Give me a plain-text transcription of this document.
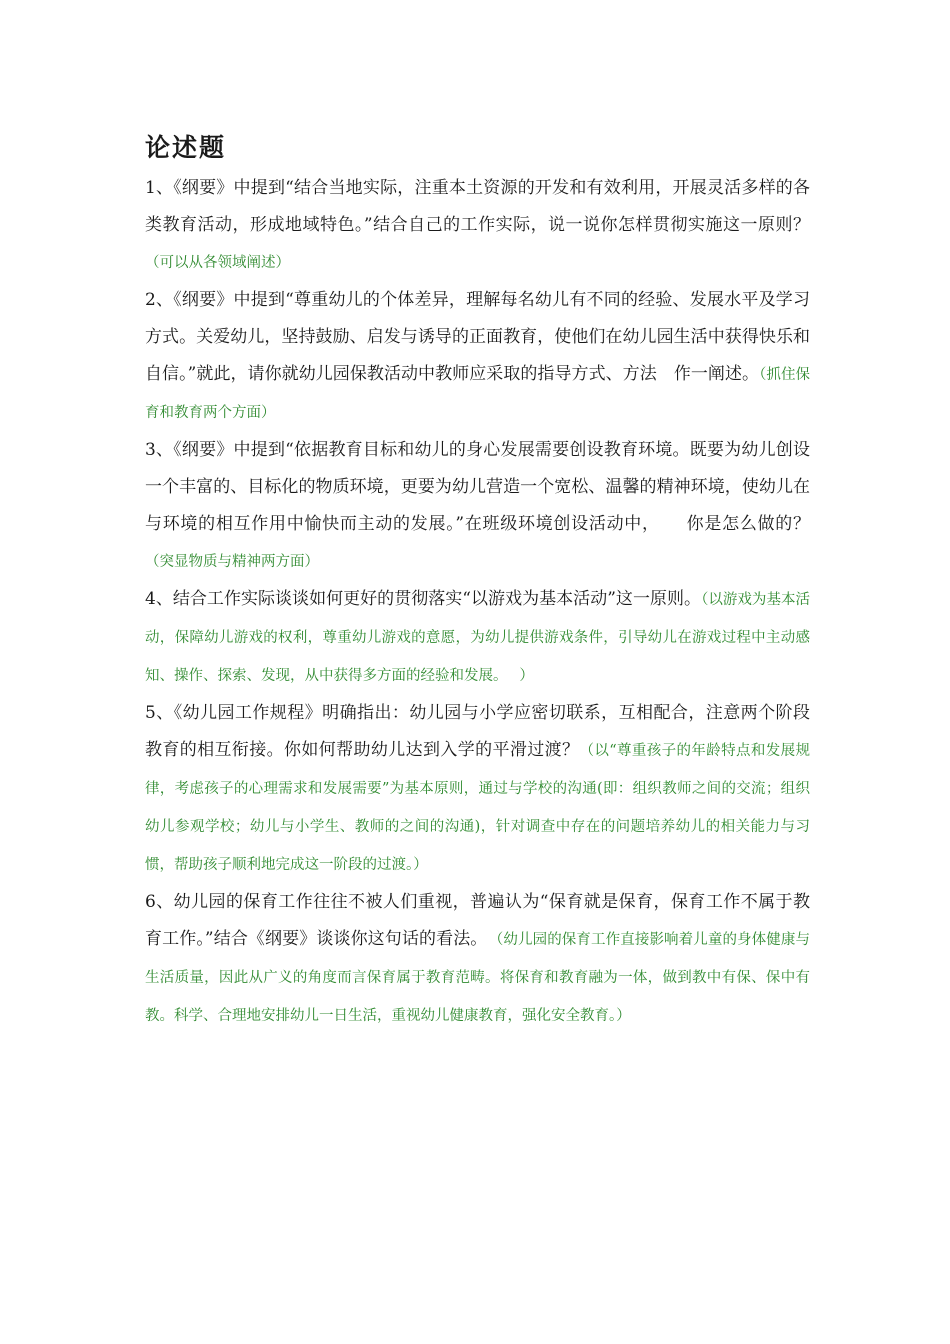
论述题

1、《纲要》中提到“结合当地实际，注重本土资源的开发和有效利用，开展灵活多样的各类教育活动，形成地域特色。”结合自己的工作实际，说一说你怎样贯彻实施这一原则？（可以从各领域阐述）

2、《纲要》中提到“尊重幼儿的个体差异，理解每名幼儿有不同的经验、发展水平及学习方式。关爱幼儿，坚持鼓励、启发与诱导的正面教育，使他们在幼儿园生活中获得快乐和自信。”就此，请你就幼儿园保教活动中教师应采取的指导方式、方法　作一阐述。（抓住保育和教育两个方面）

3、《纲要》中提到“依据教育目标和幼儿的身心发展需要创设教育环境。既要为幼儿创设一个丰富的、目标化的物质环境，更要为幼儿营造一个宽松、温馨的精神环境，使幼儿在与环境的相互作用中愉快而主动的发展。”在班级环境创设活动中，　　你是怎么做的？（突显物质与精神两方面）

4、结合工作实际谈谈如何更好的贯彻落实“以游戏为基本活动”这一原则。（以游戏为基本活动，保障幼儿游戏的权利，尊重幼儿游戏的意愿，为幼儿提供游戏条件，引导幼儿在游戏过程中主动感知、操作、探索、发现，从中获得多方面的经验和发展。　 ）

5、《幼儿园工作规程》明确指出：幼儿园与小学应密切联系，互相配合，注意两个阶段教育的相互衔接。你如何帮助幼儿达到入学的平滑过渡？（以“尊重孩子的年龄特点和发展规律，考虑孩子的心理需求和发展需要”为基本原则，通过与学校的沟通(即：组织教师之间的交流；组织幼儿参观学校；幼儿与小学生、教师的之间的沟通)，针对调查中存在的问题培养幼儿的相关能力与习惯，帮助孩子顺利地完成这一阶段的过渡。）

6、幼儿园的保育工作往往不被人们重视，普遍认为“保育就是保育，保育工作不属于教育工作。”结合《纲要》谈谈你这句话的看法。　（幼儿园的保育工作直接影响着儿童的身体健康与生活质量，因此从广义的角度而言保育属于教育范畴。将保育和教育融为一体，做到教中有保、保中有教。科学、合理地安排幼儿一日生活，重视幼儿健康教育，强化安全教育。）
